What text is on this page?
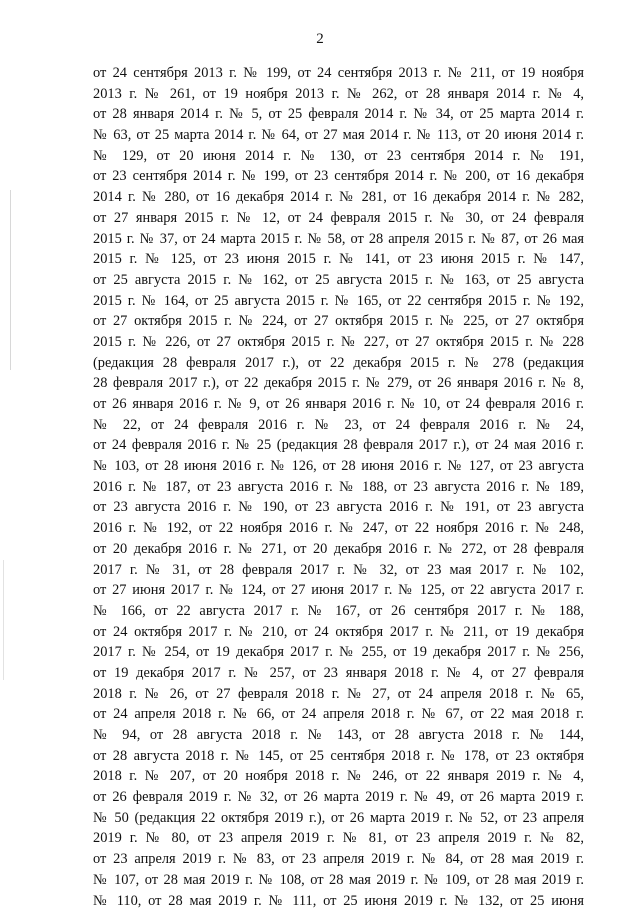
2
от 24 сентября 2013 г. № 199, от 24 сентября 2013 г. № 211, от 19 ноября
2013 г. № 261, от 19 ноября 2013 г. № 262, от 28 января 2014 г. № 4,
от 28 января 2014 г. № 5, от 25 февраля 2014 г. № 34, от 25 марта 2014 г.
№ 63, от 25 марта 2014 г. № 64, от 27 мая 2014 г. № 113, от 20 июня 2014 г.
№ 129, от 20 июня 2014 г. № 130, от 23 сентября 2014 г. № 191,
от 23 сентября 2014 г. № 199, от 23 сентября 2014 г. № 200, от 16 декабря
2014 г. № 280, от 16 декабря 2014 г. № 281, от 16 декабря 2014 г. № 282,
от 27 января 2015 г. № 12, от 24 февраля 2015 г. № 30, от 24 февраля
2015 г. № 37, от 24 марта 2015 г. № 58, от 28 апреля 2015 г. № 87, от 26 мая
2015 г. № 125, от 23 июня 2015 г. № 141, от 23 июня 2015 г. № 147,
от 25 августа 2015 г. № 162, от 25 августа 2015 г. № 163, от 25 августа
2015 г. № 164, от 25 августа 2015 г. № 165, от 22 сентября 2015 г. № 192,
от 27 октября 2015 г. № 224, от 27 октября 2015 г. № 225, от 27 октября
2015 г. № 226, от 27 октября 2015 г. № 227, от 27 октября 2015 г. № 228
(редакция 28 февраля 2017 г.), от 22 декабря 2015 г. № 278 (редакция
28 февраля 2017 г.), от 22 декабря 2015 г. № 279, от 26 января 2016 г. № 8,
от 26 января 2016 г. № 9, от 26 января 2016 г. № 10, от 24 февраля 2016 г.
№ 22, от 24 февраля 2016 г. № 23, от 24 февраля 2016 г. № 24,
от 24 февраля 2016 г. № 25 (редакция 28 февраля 2017 г.), от 24 мая 2016 г.
№ 103, от 28 июня 2016 г. № 126, от 28 июня 2016 г. № 127, от 23 августа
2016 г. № 187, от 23 августа 2016 г. № 188, от 23 августа 2016 г. № 189,
от 23 августа 2016 г. № 190, от 23 августа 2016 г. № 191, от 23 августа
2016 г. № 192, от 22 ноября 2016 г. № 247, от 22 ноября 2016 г. № 248,
от 20 декабря 2016 г. № 271, от 20 декабря 2016 г. № 272, от 28 февраля
2017 г. № 31, от 28 февраля 2017 г. № 32, от 23 мая 2017 г. № 102,
от 27 июня 2017 г. № 124, от 27 июня 2017 г. № 125, от 22 августа 2017 г.
№ 166, от 22 августа 2017 г. № 167, от 26 сентября 2017 г. № 188,
от 24 октября 2017 г. № 210, от 24 октября 2017 г. № 211, от 19 декабря
2017 г. № 254, от 19 декабря 2017 г. № 255, от 19 декабря 2017 г. № 256,
от 19 декабря 2017 г. № 257, от 23 января 2018 г. № 4, от 27 февраля
2018 г. № 26, от 27 февраля 2018 г. № 27, от 24 апреля 2018 г. № 65,
от 24 апреля 2018 г. № 66, от 24 апреля 2018 г. № 67, от 22 мая 2018 г.
№ 94, от 28 августа 2018 г. № 143, от 28 августа 2018 г. № 144,
от 28 августа 2018 г. № 145, от 25 сентября 2018 г. № 178, от 23 октября
2018 г. № 207, от 20 ноября 2018 г. № 246, от 22 января 2019 г. № 4,
от 26 февраля 2019 г. № 32, от 26 марта 2019 г. № 49, от 26 марта 2019 г.
№ 50 (редакция 22 октября 2019 г.), от 26 марта 2019 г. № 52, от 23 апреля
2019 г. № 80, от 23 апреля 2019 г. № 81, от 23 апреля 2019 г. № 82,
от 23 апреля 2019 г. № 83, от 23 апреля 2019 г. № 84, от 28 мая 2019 г.
№ 107, от 28 мая 2019 г. № 108, от 28 мая 2019 г. № 109, от 28 мая 2019 г.
№ 110, от 28 мая 2019 г. № 111, от 25 июня 2019 г. № 132, от 25 июня
